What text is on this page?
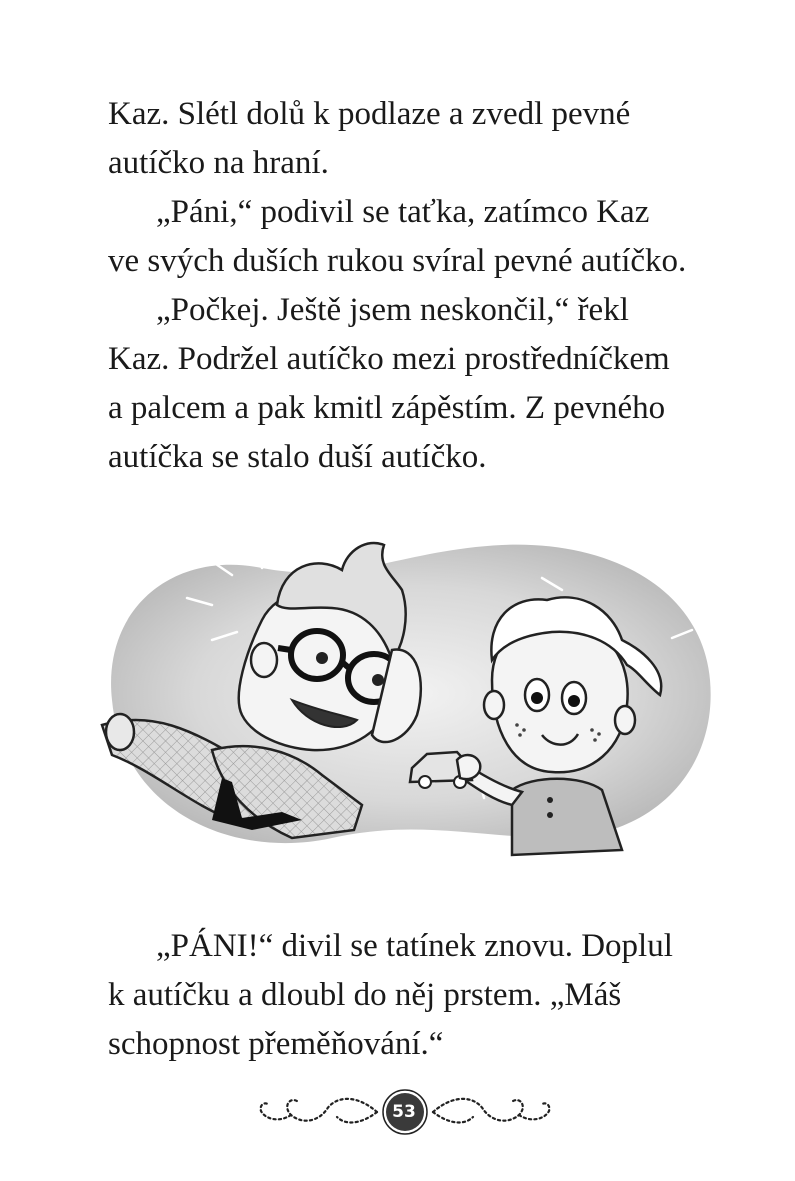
Kaz. Slétl dolů k podlaze a zvedl pevné

autíčko na hraní.

„Páni,“ podivil se taťka, zatímco Kaz

ve svých duších rukou svíral pevné autíčko.

„Počkej. Ještě jsem neskončil,“ řekl

Kaz. Podržel autíčko mezi prostředníčkem

a palcem a pak kmitl zápěstím. Z pevného

autíčka se stalo duší autíčko.

„PÁNI!“ divil se tatínek znovu. Doplul

k autíčku a dloubl do něj prstem. „Máš

schopnost přeměňování.“

53
